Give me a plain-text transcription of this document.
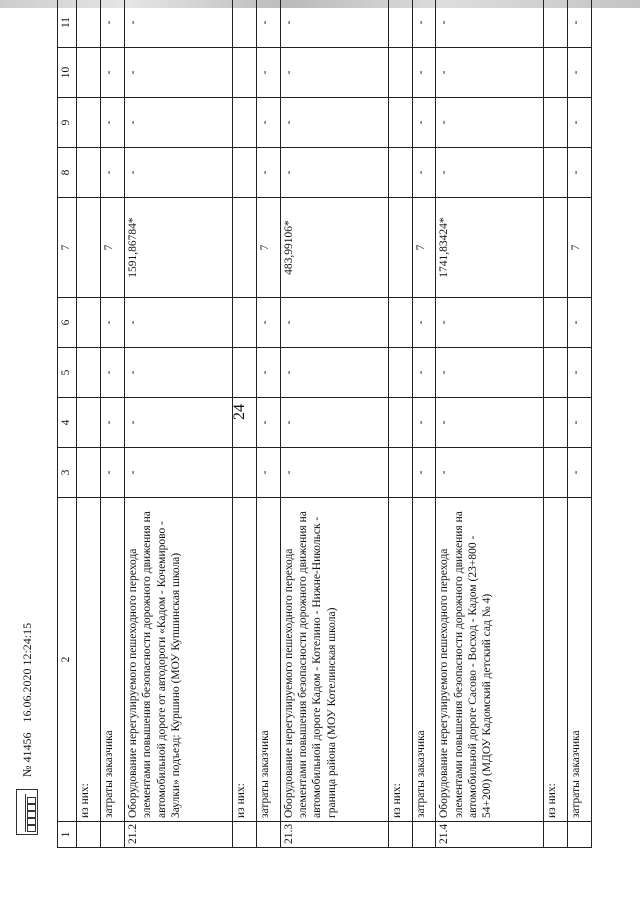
24
1	2	3	4	5	6	7	8	9	10	11
	из них:									
	затраты заказчика	-	-	-	-	7	-	-	-	-
21.2	Оборудование нерегулируемого пешеходного перехода элементами повышения безопасности дорожного движения на автомобильной дороге от автодороги «Кадом - Кочемирово - Заулки» подъезд: Куршино (МОУ Купшинская школа)	-	-	-	-	1591,86784*	-	-	-	-
	из них:									
	затраты заказчика	-	-	-	-	7	-	-	-	-
21.3	Оборудование нерегулируемого пешеходного перехода элементами повышения безопасности дорожного движения на автомобильной дороге Кадом - Котелино - Нижне-Никольск - граница района (МОУ Котелинская школа)	-	-	-	-	483,99106*	-	-	-	-
	из них:									
	затраты заказчика	-	-	-	-	7	-	-	-	-
21.4	Оборудование нерегулируемого пешеходного перехода элементами повышения безопасности дорожного движения на автомобильной дороге Сасово - Восход - Кадом (23+800 - 54+200) (МДОУ Кадомский детский сад № 4)	-	-	-	-	1741,83424*	-	-	-	-
	из них:									
	затраты заказчика	-	-	-	-	7	-	-	-	-
№ 41456 16.06.2020 12:24:15
